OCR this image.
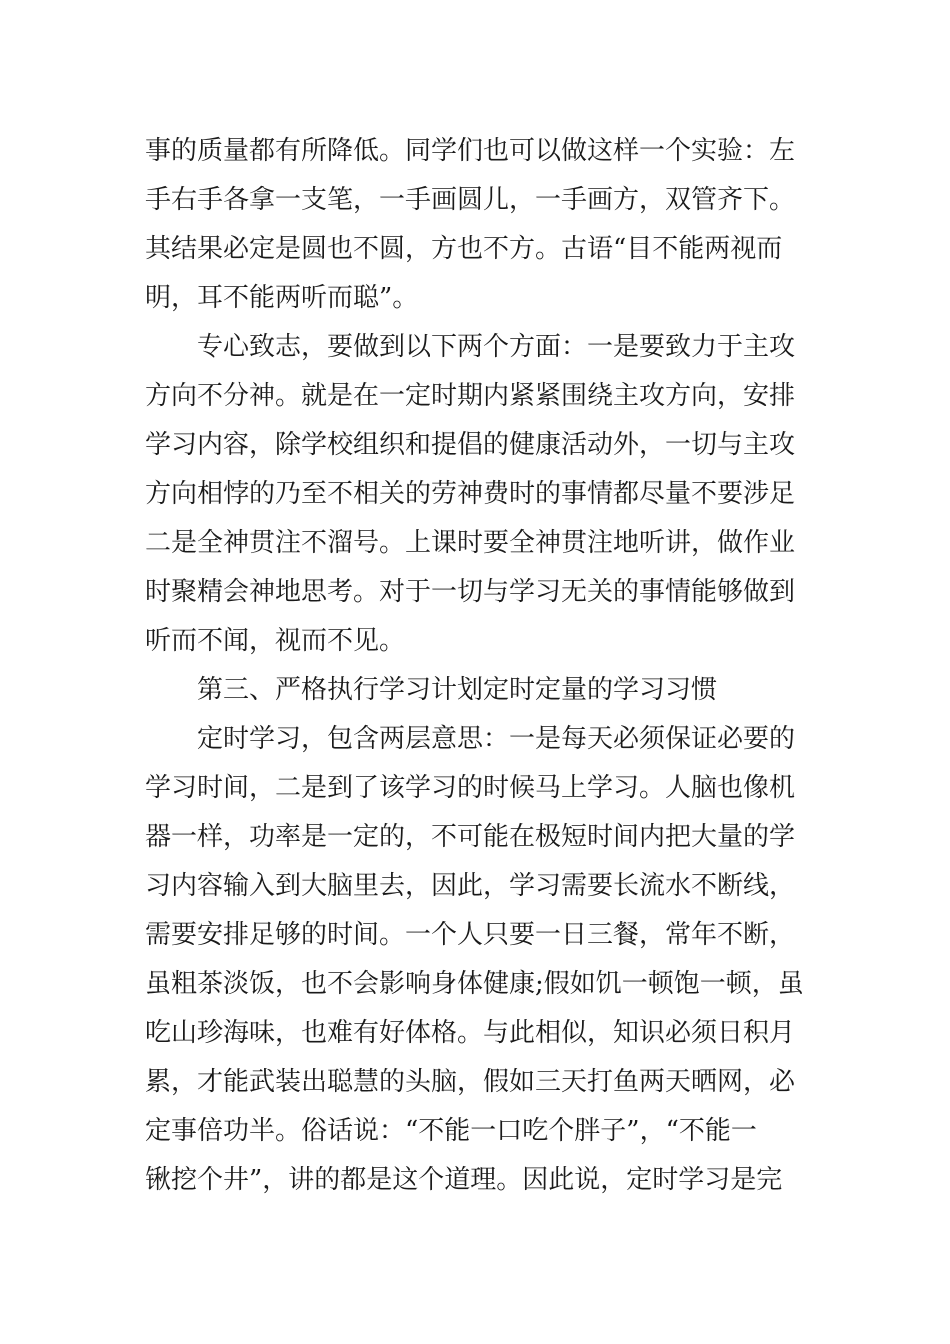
事的质量都有所降低。同学们也可以做这样一个实验：左
手右手各拿一支笔，一手画圆儿，一手画方，双管齐下。
其结果必定是圆也不圆，方也不方。古语“目不能两视而
明，耳不能两听而聪”。
专心致志，要做到以下两个方面：一是要致力于主攻
方向不分神。就是在一定时期内紧紧围绕主攻方向，安排
学习内容，除学校组织和提倡的健康活动外，一切与主攻
方向相悖的乃至不相关的劳神费时的事情都尽量不要涉足
二是全神贯注不溜号。上课时要全神贯注地听讲，做作业
时聚精会神地思考。对于一切与学习无关的事情能够做到
听而不闻，视而不见。
第三、严格执行学习计划定时定量的学习习惯
定时学习，包含两层意思：一是每天必须保证必要的
学习时间，二是到了该学习的时候马上学习。人脑也像机
器一样，功率是一定的，不可能在极短时间内把大量的学
习内容输入到大脑里去，因此，学习需要长流水不断线，
需要安排足够的时间。一个人只要一日三餐，常年不断，
虽粗茶淡饭，也不会影响身体健康;假如饥一顿饱一顿，虽
吃山珍海味，也难有好体格。与此相似，知识必须日积月
累，才能武装出聪慧的头脑，假如三天打鱼两天晒网，必
定事倍功半。俗话说：“不能一口吃个胖子”，“不能一
锹挖个井”，讲的都是这个道理。因此说，定时学习是完
